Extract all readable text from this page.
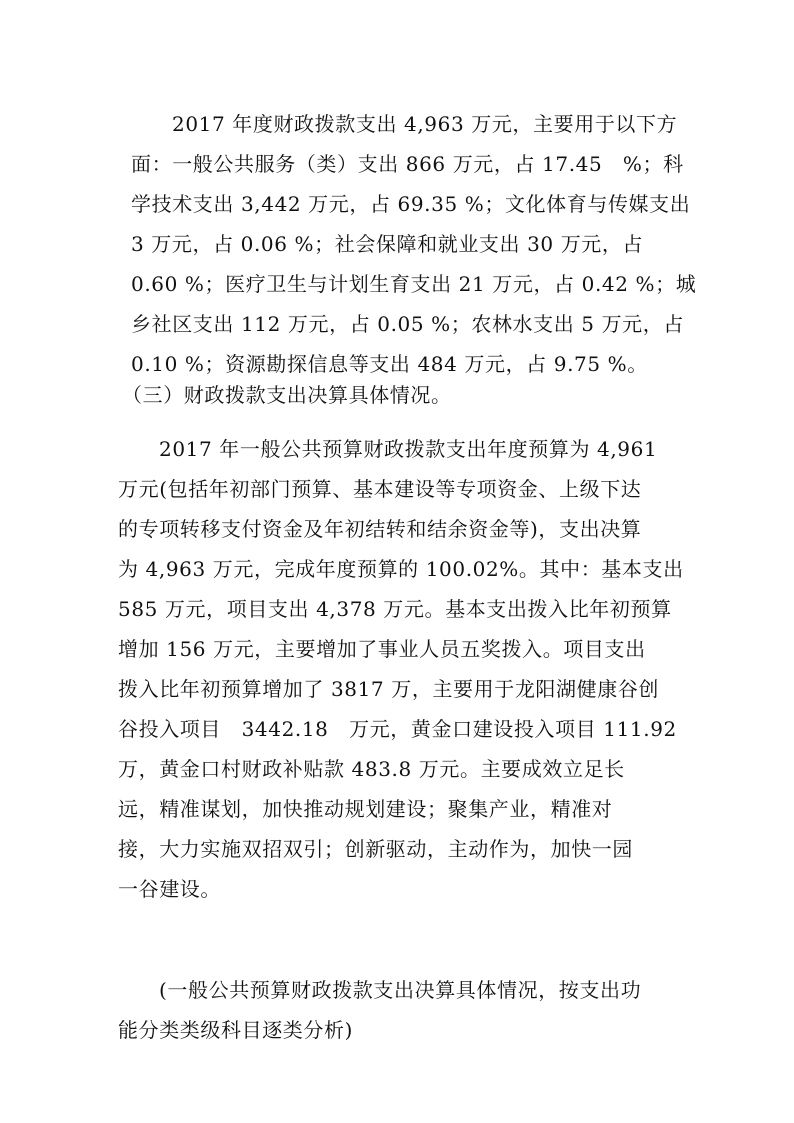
2017 年度财政拨款支出 4,963 万元，主要用于以下方
面：一般公共服务（类）支出 866 万元，占 17.45　%；科
学技术支出 3,442 万元，占 69.35 %；文化体育与传媒支出
3 万元，占 0.06 %；社会保障和就业支出 30 万元，占
0.60 %；医疗卫生与计划生育支出 21 万元，占 0.42 %；城
乡社区支出 112 万元，占 0.05 %；农林水支出 5 万元，占
0.10 %；资源勘探信息等支出 484 万元，占 9.75 %。
（三）财政拨款支出决算具体情况。
2017 年一般公共预算财政拨款支出年度预算为 4,961
万元(包括年初部门预算、基本建设等专项资金、上级下达
的专项转移支付资金及年初结转和结余资金等)，支出决算
为 4,963 万元，完成年度预算的 100.02%。其中：基本支出
585 万元，项目支出 4,378 万元。基本支出拨入比年初预算
增加 156 万元，主要增加了事业人员五奖拨入。项目支出
拨入比年初预算增加了 3817 万，主要用于龙阳湖健康谷创
谷投入项目　3442.18　万元，黄金口建设投入项目 111.92
万，黄金口村财政补贴款 483.8 万元。主要成效立足长
远，精准谋划，加快推动规划建设；聚集产业，精准对
接，大力实施双招双引；创新驱动，主动作为，加快一园
一谷建设。
(一般公共预算财政拨款支出决算具体情况，按支出功
能分类类级科目逐类分析)
